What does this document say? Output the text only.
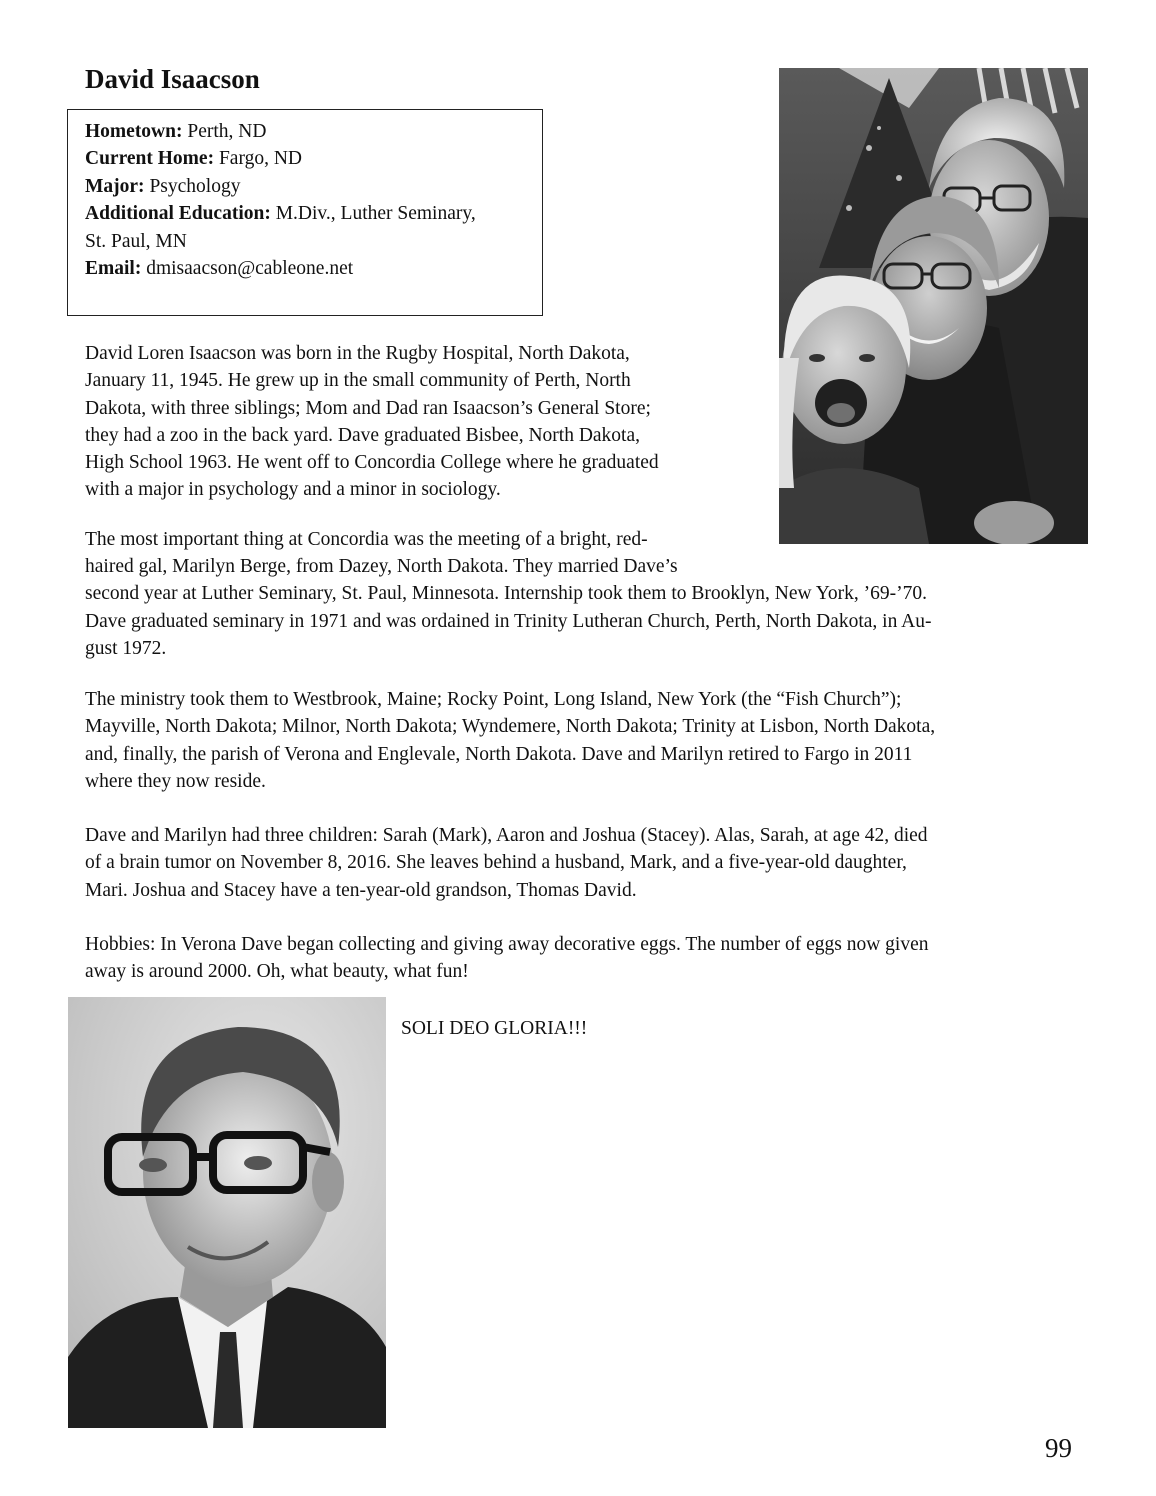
David Isaacson
Hometown: Perth, ND
Current Home: Fargo, ND
Major: Psychology
Additional Education: M.Div., Luther Seminary,
St. Paul, MN
Email: dmisaacson@cableone.net

David Loren Isaacson was born in the Rugby Hospital, North Dakota,
January 11, 1945. He grew up in the small community of Perth, North
Dakota, with three siblings; Mom and Dad ran Isaacson’s General Store;
they had a zoo in the back yard. Dave graduated Bisbee, North Dakota,
High School 1963. He went off to Concordia College where he graduated
with a major in psychology and a minor in sociology.

The most important thing at Concordia was the meeting of a bright, red-

haired gal, Marilyn Berge, from Dazey, North Dakota. They married Dave’s
second year at Luther Seminary, St. Paul, Minnesota. Internship took them to Brooklyn, New York, ’69-’70.
Dave graduated seminary in 1971 and was ordained in Trinity Lutheran Church, Perth, North Dakota, in Au-
gust 1972.

The ministry took them to Westbrook, Maine; Rocky Point, Long Island, New York (the “Fish Church”);
Mayville, North Dakota; Milnor, North Dakota; Wyndemere, North Dakota; Trinity at Lisbon, North Dakota,
and, finally, the parish of Verona and Englevale, North Dakota. Dave and Marilyn retired to Fargo in 2011
where they now reside.

Dave and Marilyn had three children: Sarah (Mark), Aaron and Joshua (Stacey). Alas, Sarah, at age 42, died
of a brain tumor on November 8, 2016. She leaves behind a husband, Mark, and a five-year-old daughter,
Mari. Joshua and Stacey have a ten-year-old grandson, Thomas David.

Hobbies: In Verona Dave began collecting and giving away decorative eggs. The number of eggs now given
away is around 2000. Oh, what beauty, what fun!

SOLI DEO GLORIA!!!

99
